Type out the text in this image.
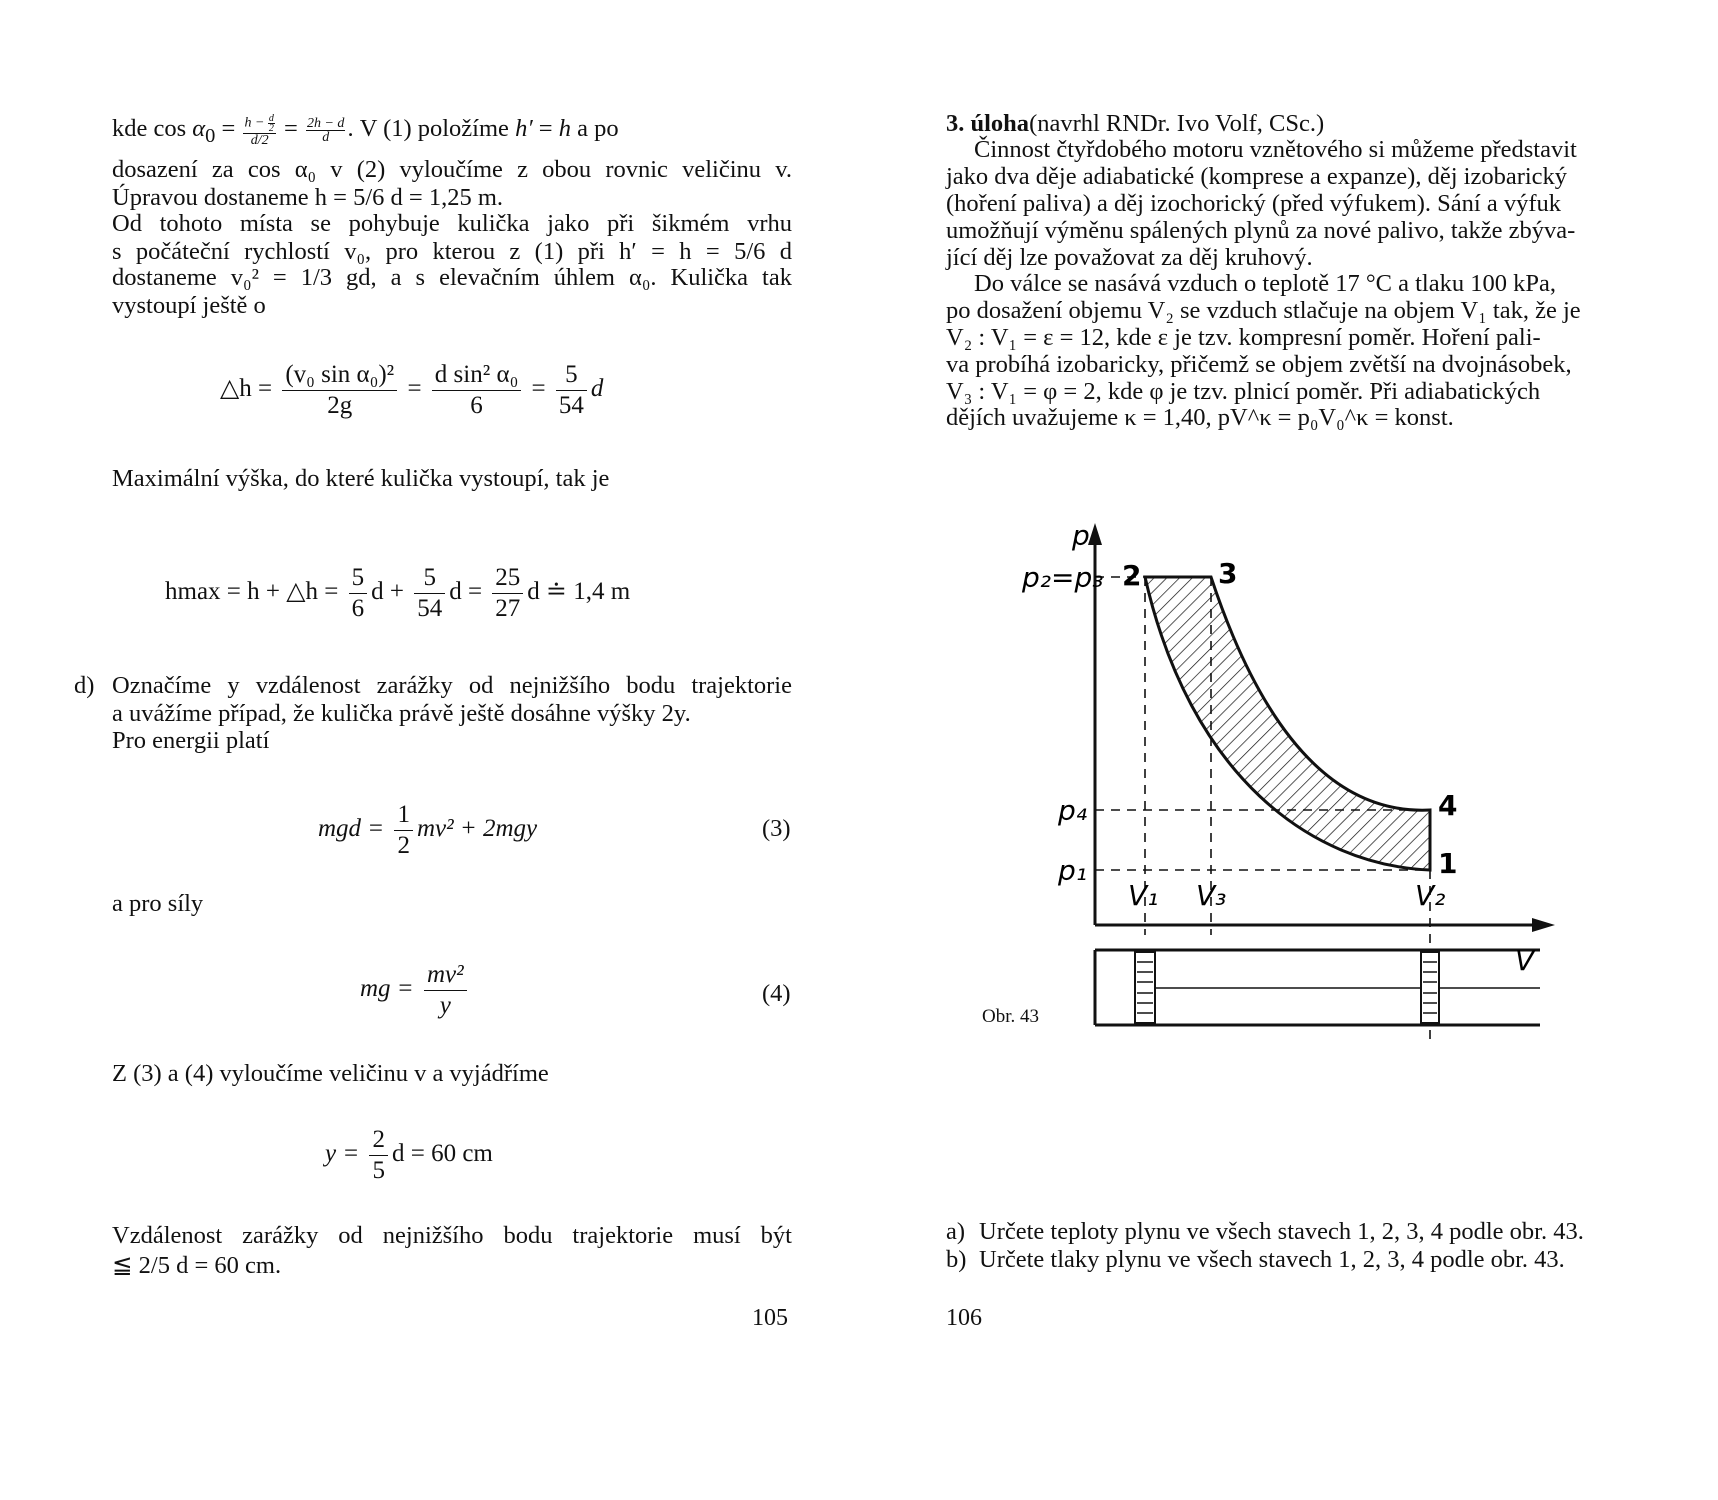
kde $\cos \alpha_0 = \frac{h - \frac{d}{2}}{d/2} = \frac{2h - d}{d}$ . V (1) položíme h′ = h a po
dosazení za cos α₀ v (2) vyloučíme z obou rovnic veličinu v.
Úpravou dostaneme h = 5/6 d = 1,25 m.
Od tohoto místa se pohybuje kulička jako při šikmém vrhu
s počáteční rychlostí v₀, pro kterou z (1) při h′ = h = 5/6 d
dostaneme v₀² = 1/3 gd, a s elevačním úhlem α₀. Kulička tak
vystoupí ještě o
△h = $\frac{\text{(v₀ sin α₀)²}}{2g} = \frac{\text{d sin² α₀}}{6} = \frac{5}{54}$ d
Maximální výška, do které kulička vystoupí, tak je
hmax = h + △h = $\frac{5}{6}$ $d + \frac{5}{54}$ $d = \frac{25}{27}$ d ≐ 1,4 m
d) Označíme y vzdálenost zarážky od nejnižšího bodu trajektorie
a uvážíme případ, že kulička právě ještě dosáhne výšky 2y.
Pro energii platí
mgd = $\frac{1}{2} mv^2 + 2mgy$	(3)
a pro síly
mg = $\frac{\text{mv²}}{y}$	(4)
Z (3) a (4) vyloučíme veličinu v a vyjádříme
$y = \frac{2}{5}$ d = 60 cm
Vzdálenost zarážky od nejnižšího bodu trajektorie musí být
≦ 2/5 d = 60 cm.
105
3. úloha(navrhl RNDr. Ivo Volf, CSc.)
Činnost čtyřdobého motoru vznětového si můžeme představit
jako dva děje adiabatické (komprese a expanze), děj izobarický
(hoření paliva) a děj izochorický (před výfukem). Sání a výfuk
umožňují výměnu spálených plynů za nové palivo, takže zbýva-
jící děj lze považovat za děj kruhový.
Do válce se nasává vzduch o teplotě 17 °C a tlaku 100 kPa,
po dosažení objemu V₂ se vzduch stlačuje na objem V₁ tak, že je
V₂ : V₁ = ε = 12, kde ε je tzv. kompresní poměr. Hoření pali-
va probíhá izobaricky, přičemž se objem zvětší na dvojnásobek,
V₃ : V₁ = φ = 2, kde φ je tzv. plnicí poměr. Při adiabatických
dějích uvažujeme κ = 1,40, pV^κ = p₀V₀^κ = konst.
Obr. 43
a) Určete teploty plynu ve všech stavech 1, 2, 3, 4 podle obr. 43.
b) Určete tlaky plynu ve všech stavech 1, 2, 3, 4 podle obr. 43.
106
p
V
p₂=p₃
p₄
p₁
V₁ V₃	V₂
2	3
4
1
